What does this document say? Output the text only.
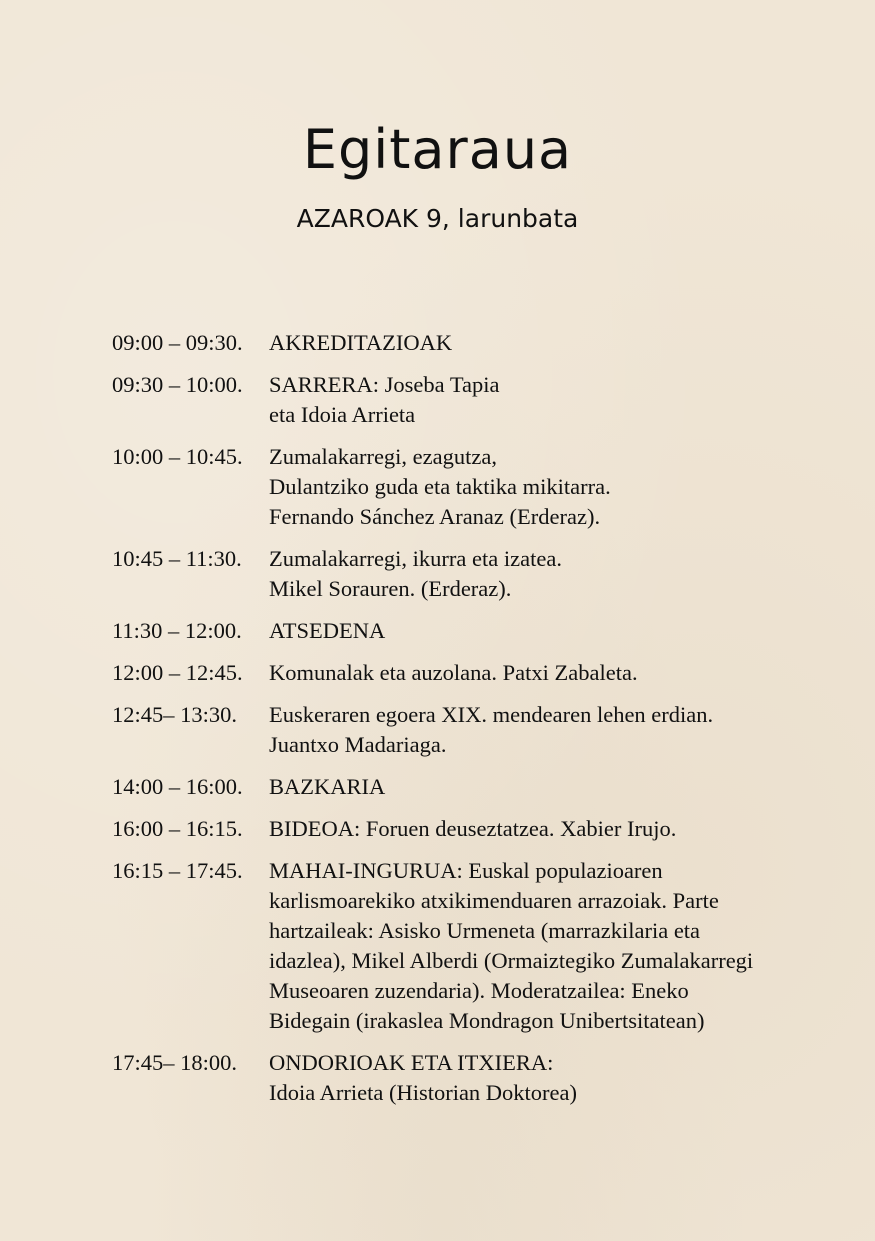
Egitaraua
AZAROAK 9, larunbata
09:00 – 09:30.	AKREDITAZIOAK
09:30 – 10:00.	SARRERA: Joseba Tapia
eta Idoia Arrieta
10:00 – 10:45.	Zumalakarregi, ezagutza,
Dulantziko guda eta taktika mikitarra.
Fernando Sánchez Aranaz (Erderaz).
10:45 – 11:30.	Zumalakarregi, ikurra eta izatea.
Mikel Sorauren. (Erderaz).
11:30 – 12:00.	ATSEDENA
12:00 – 12:45.	Komunalak eta auzolana. Patxi Zabaleta.
12:45– 13:30.	Euskeraren egoera XIX. mendearen lehen erdian.
Juantxo Madariaga.
14:00 – 16:00.	BAZKARIA
16:00 – 16:15.	BIDEOA: Foruen deuseztatzea. Xabier Irujo.
16:15 – 17:45.	MAHAI-INGURUA: Euskal populazioaren
karlismoarekiko atxikimenduaren arrazoiak. Parte
hartzaileak: Asisko Urmeneta (marrazkilaria eta
idazlea), Mikel Alberdi (Ormaiztegiko Zumalakarregi
Museoaren zuzendaria). Moderatzailea: Eneko
Bidegain (irakaslea Mondragon Unibertsitatean)
17:45– 18:00.	ONDORIOAK ETA ITXIERA:
Idoia Arrieta (Historian Doktorea)
